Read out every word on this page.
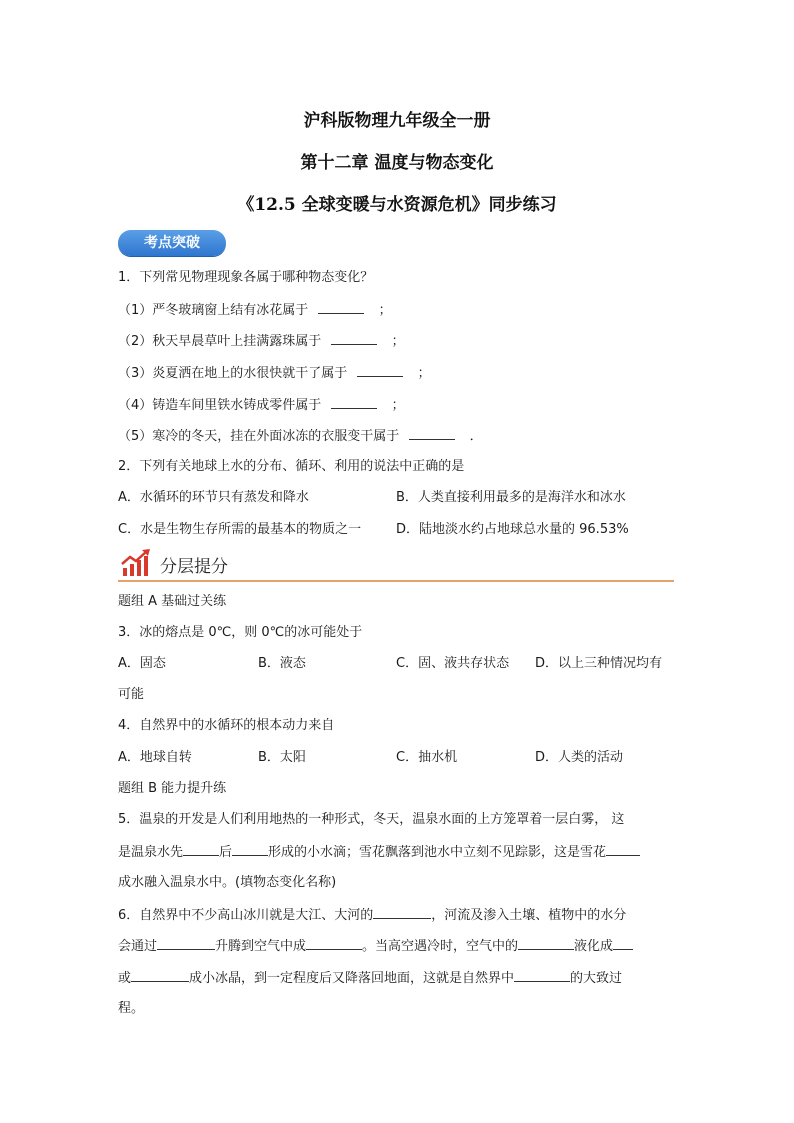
沪科版物理九年级全一册
第十二章 温度与物态变化
《12.5 全球变暖与水资源危机》同步练习
考点突破
1．下列常见物理现象各属于哪种物态变化？
（1）严冬玻璃窗上结有冰花属于	；
（2）秋天早晨草叶上挂满露珠属于	；
（3）炎夏洒在地上的水很快就干了属于	；
（4）铸造车间里铁水铸成零件属于	；
（5）寒冷的冬天，挂在外面冰冻的衣服变干属于	．
2．下列有关地球上水的分布、循环、利用的说法中正确的是
A．水循环的环节只有蒸发和降水	B．人类直接利用最多的是海洋水和冰水
C．水是生物生存所需的最基本的物质之一	D．陆地淡水约占地球总水量的 96.53%
分层提分
题组 A 基础过关练
3．冰的熔点是 0℃，则 0℃的冰可能处于
A．固态	B．液态	C．固、液共存状态 D．以上三种情况均有
可能
4．自然界中的水循环的根本动力来自
A．地球自转	B．太阳	C．抽水机	D．人类的活动
题组 B 能力提升练
5．温泉的开发是人们利用地热的一种形式，冬天，温泉水面的上方笼罩着一层白雾， 这
是温泉水先	后	形成的小水滴；雪花飘落到池水中立刻不见踪影，这是雪花
成水融入温泉水中。(填物态变化名称)
6．自然界中不少高山冰川就是大江、大河的	，河流及渗入土壤、植物中的水分
会通过	升腾到空气中成	。当高空遇冷时，空气中的	液化成
或	成小冰晶，到一定程度后又降落回地面，这就是自然界中	的大致过
程。
